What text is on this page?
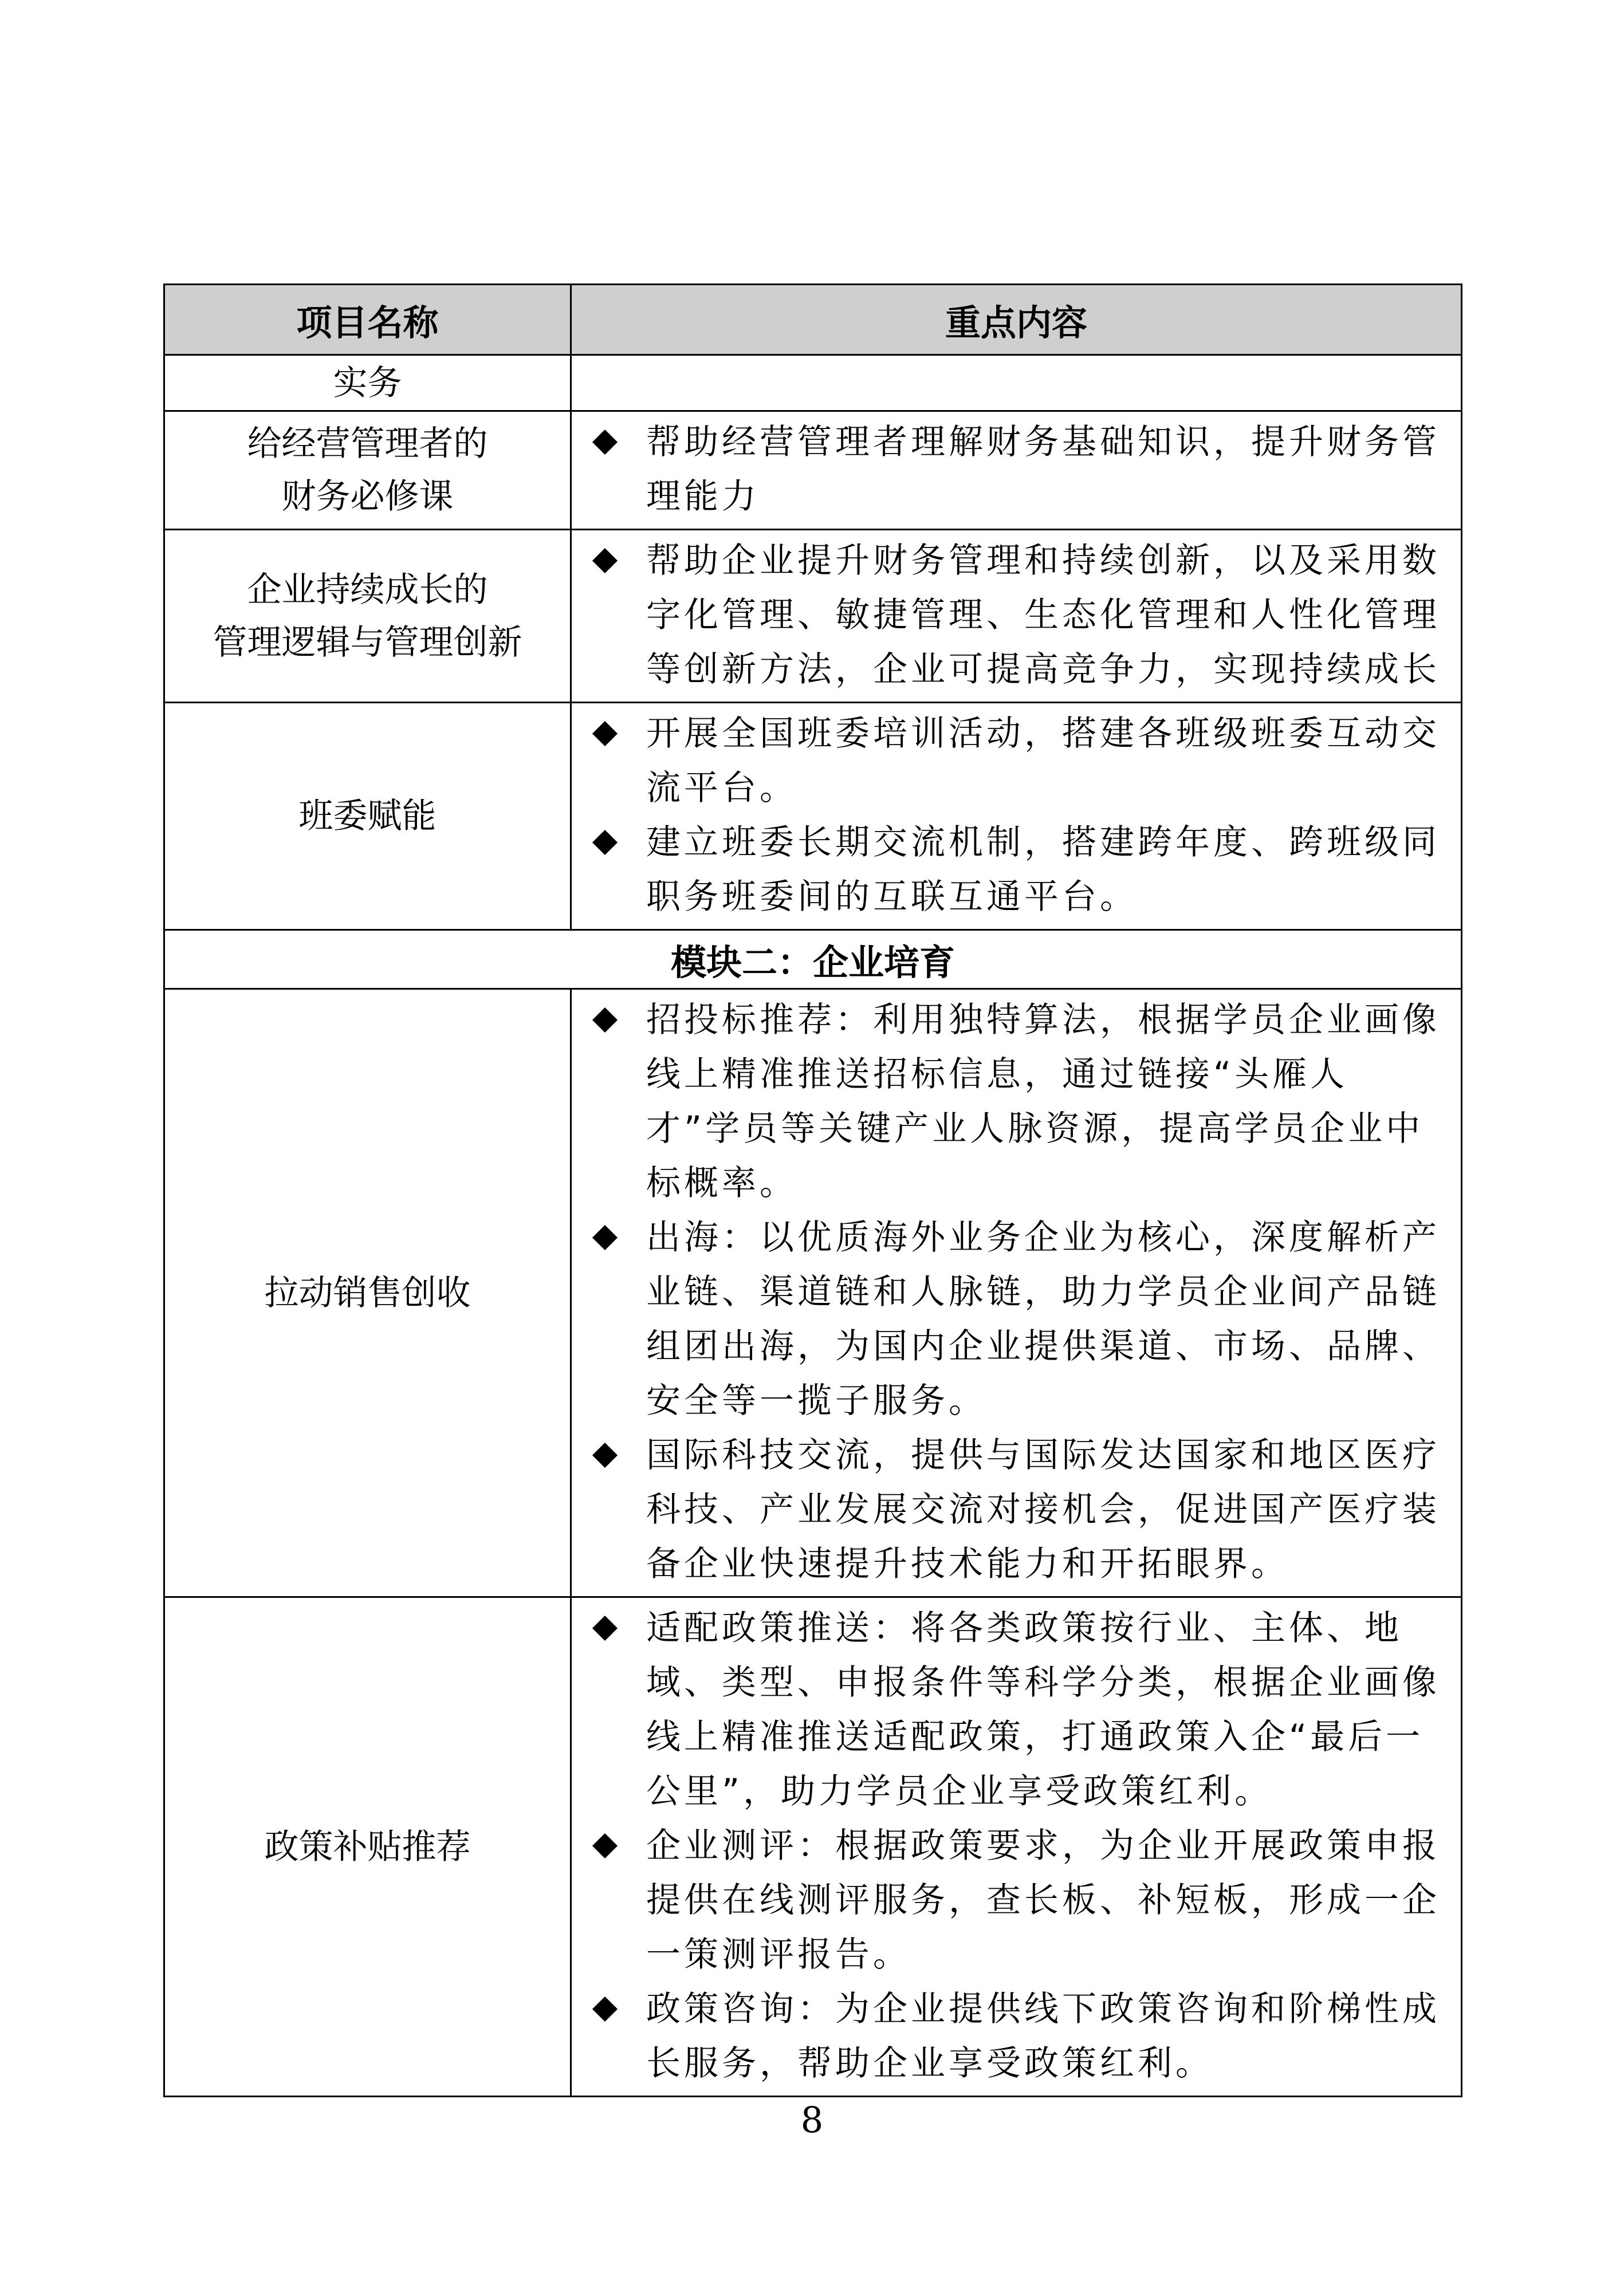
项目名称	重点内容

实务	

给经营管理者的
财务必修课	帮助经营管理者理解财务基础知识，提升财务管理能力

企业持续成长的
管理逻辑与管理创新	帮助企业提升财务管理和持续创新，以及采用数字化管理、敏捷管理、生态化管理和人性化管理等创新方法，企业可提高竞争力，实现持续成长

班委赋能	开展全国班委培训活动，搭建各班级班委互动交流平台。
建立班委长期交流机制，搭建跨年度、跨班级同职务班委间的互联互通平台。

模块二：企业培育	

拉动销售创收	招投标推荐：利用独特算法，根据学员企业画像线上精准推送招标信息，通过链接“头雁人才”学员等关键产业人脉资源，提高学员企业中标概率。
出海：以优质海外业务企业为核心，深度解析产业链、渠道链和人脉链，助力学员企业间产品链组团出海，为国内企业提供渠道、市场、品牌、安全等一揽子服务。
国际科技交流，提供与国际发达国家和地区医疗科技、产业发展交流对接机会，促进国产医疗装备企业快速提升技术能力和开拓眼界。

政策补贴推荐	适配政策推送：将各类政策按行业、主体、地域、类型、申报条件等科学分类，根据企业画像线上精准推送适配政策，打通政策入企“最后一公里”，助力学员企业享受政策红利。
企业测评：根据政策要求，为企业开展政策申报提供在线测评服务，查长板、补短板，形成一企一策测评报告。
政策咨询：为企业提供线下政策咨询和阶梯性成长服务，帮助企业享受政策红利。
8
